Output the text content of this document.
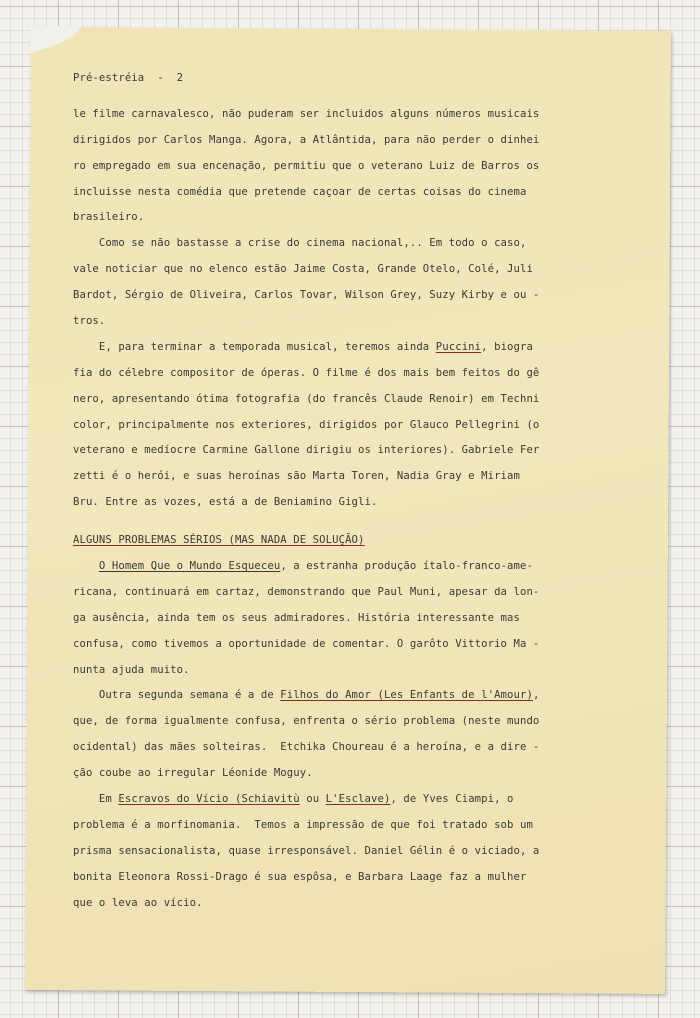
Pré-estréia  -  2
le filme carnavalesco, não puderam ser incluidos alguns números musicais
dirigidos por Carlos Manga. Agora, a Atlântida, para não perder o dinhei
ro empregado em sua encenação, permitiu que o veterano Luiz de Barros os
incluisse nesta comédia que pretende caçoar de certas coisas do cinema
brasileiro.
Como se não bastasse a crise do cinema nacional,.. Em todo o caso,
vale noticiar que no elenco estão Jaime Costa, Grande Otelo, Colé, Juli
Bardot, Sérgio de Oliveira, Carlos Tovar, Wilson Grey, Suzy Kirby e ou -
tros.
E, para terminar a temporada musical, teremos ainda Puccini, biogra
fia do célebre compositor de óperas. O filme é dos mais bem feitos do gê
nero, apresentando ótima fotografia (do francês Claude Renoir) em Techni
color, principalmente nos exteriores, dirigidos por Glauco Pellegrini (o
veterano e medíocre Carmine Gallone dirigiu os interiores). Gabriele Fer
zetti é o herói, e suas heroínas são Marta Toren, Nadia Gray e Miriam
Bru. Entre as vozes, está a de Beniamino Gigli.
ALGUNS PROBLEMAS SÉRIOS (MAS NADA DE SOLUÇÃO)
O Homem Que o Mundo Esqueceu, a estranha produção ítalo-franco-ame-
ricana, continuará em cartaz, demonstrando que Paul Muni, apesar da lon-
ga ausência, ainda tem os seus admiradores. História interessante mas
confusa, como tivemos a oportunidade de comentar. O garôto Vittorio Ma -
nunta ajuda muito.
Outra segunda semana é a de Filhos do Amor (Les Enfants de l'Amour),
que, de forma igualmente confusa, enfrenta o sério problema (neste mundo
ocidental) das mães solteiras.  Etchika Choureau é a heroína, e a dire -
ção coube ao irregular Léonide Moguy.
Em Escravos do Vício (Schiavitù ou L'Esclave), de Yves Ciampi, o
problema é a morfinomania.  Temos a impressão de que foi tratado sob um
prisma sensacionalista, quase irresponsável. Daniel Gélin é o viciado, a
bonita Eleonora Rossi-Drago é sua espôsa, e Barbara Laage faz a mulher
que o leva ao vício.
